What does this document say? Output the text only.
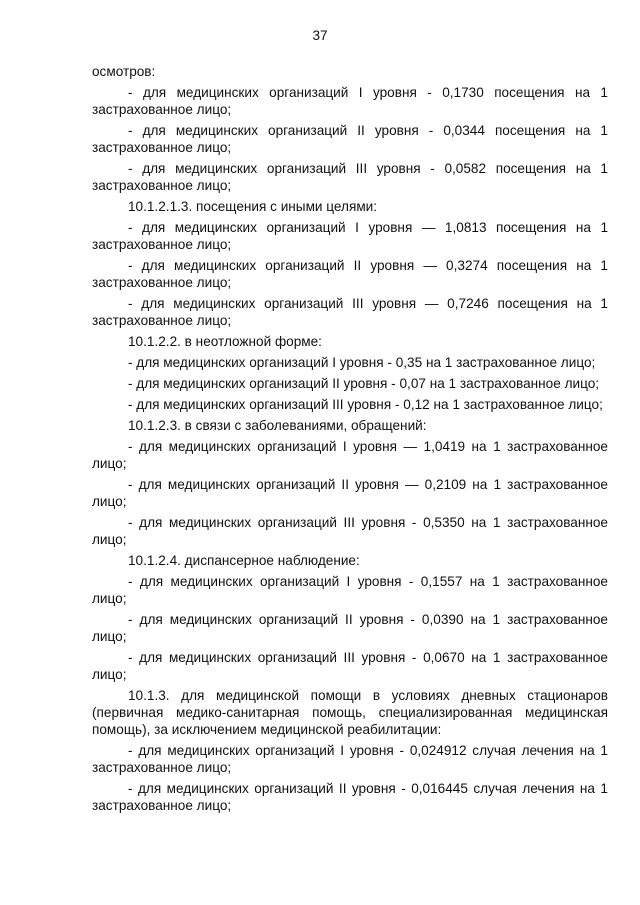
37

осмотров:

- для медицинских организаций I уровня - 0,1730 посещения на 1 застрахованное лицо;

- для медицинских организаций II уровня - 0,0344 посещения на 1 застрахованное лицо;

- для медицинских организаций III уровня - 0,0582 посещения на 1 застрахованное лицо;

10.1.2.1.3. посещения с иными целями:

- для медицинских организаций I уровня — 1,0813 посещения на 1 застрахованное лицо;

- для медицинских организаций II уровня — 0,3274 посещения на 1 застрахованное лицо;

- для медицинских организаций III уровня — 0,7246 посещения на 1 застрахованное лицо;

10.1.2.2. в неотложной форме:

- для медицинских организаций I уровня - 0,35 на 1 застрахованное лицо;

- для медицинских организаций II уровня - 0,07 на 1 застрахованное лицо;

- для медицинских организаций III уровня - 0,12 на 1 застрахованное лицо;

10.1.2.3. в связи с заболеваниями, обращений:

- для медицинских организаций I уровня — 1,0419 на 1 застрахованное лицо;

- для медицинских организаций II уровня — 0,2109 на 1 застрахованное лицо;

- для медицинских организаций III уровня - 0,5350 на 1 застрахованное лицо;

10.1.2.4. диспансерное наблюдение:

- для медицинских организаций I уровня - 0,1557 на 1 застрахованное лицо;

- для медицинских организаций II уровня - 0,0390 на 1 застрахованное лицо;

- для медицинских организаций III уровня - 0,0670 на 1 застрахованное лицо;

10.1.3. для медицинской помощи в условиях дневных стационаров (первичная медико-санитарная помощь, специализированная медицинская помощь), за исключением медицинской реабилитации:

- для медицинских организаций I уровня - 0,024912 случая лечения на 1 застрахованное лицо;

- для медицинских организаций II уровня - 0,016445 случая лечения на 1 застрахованное лицо;
